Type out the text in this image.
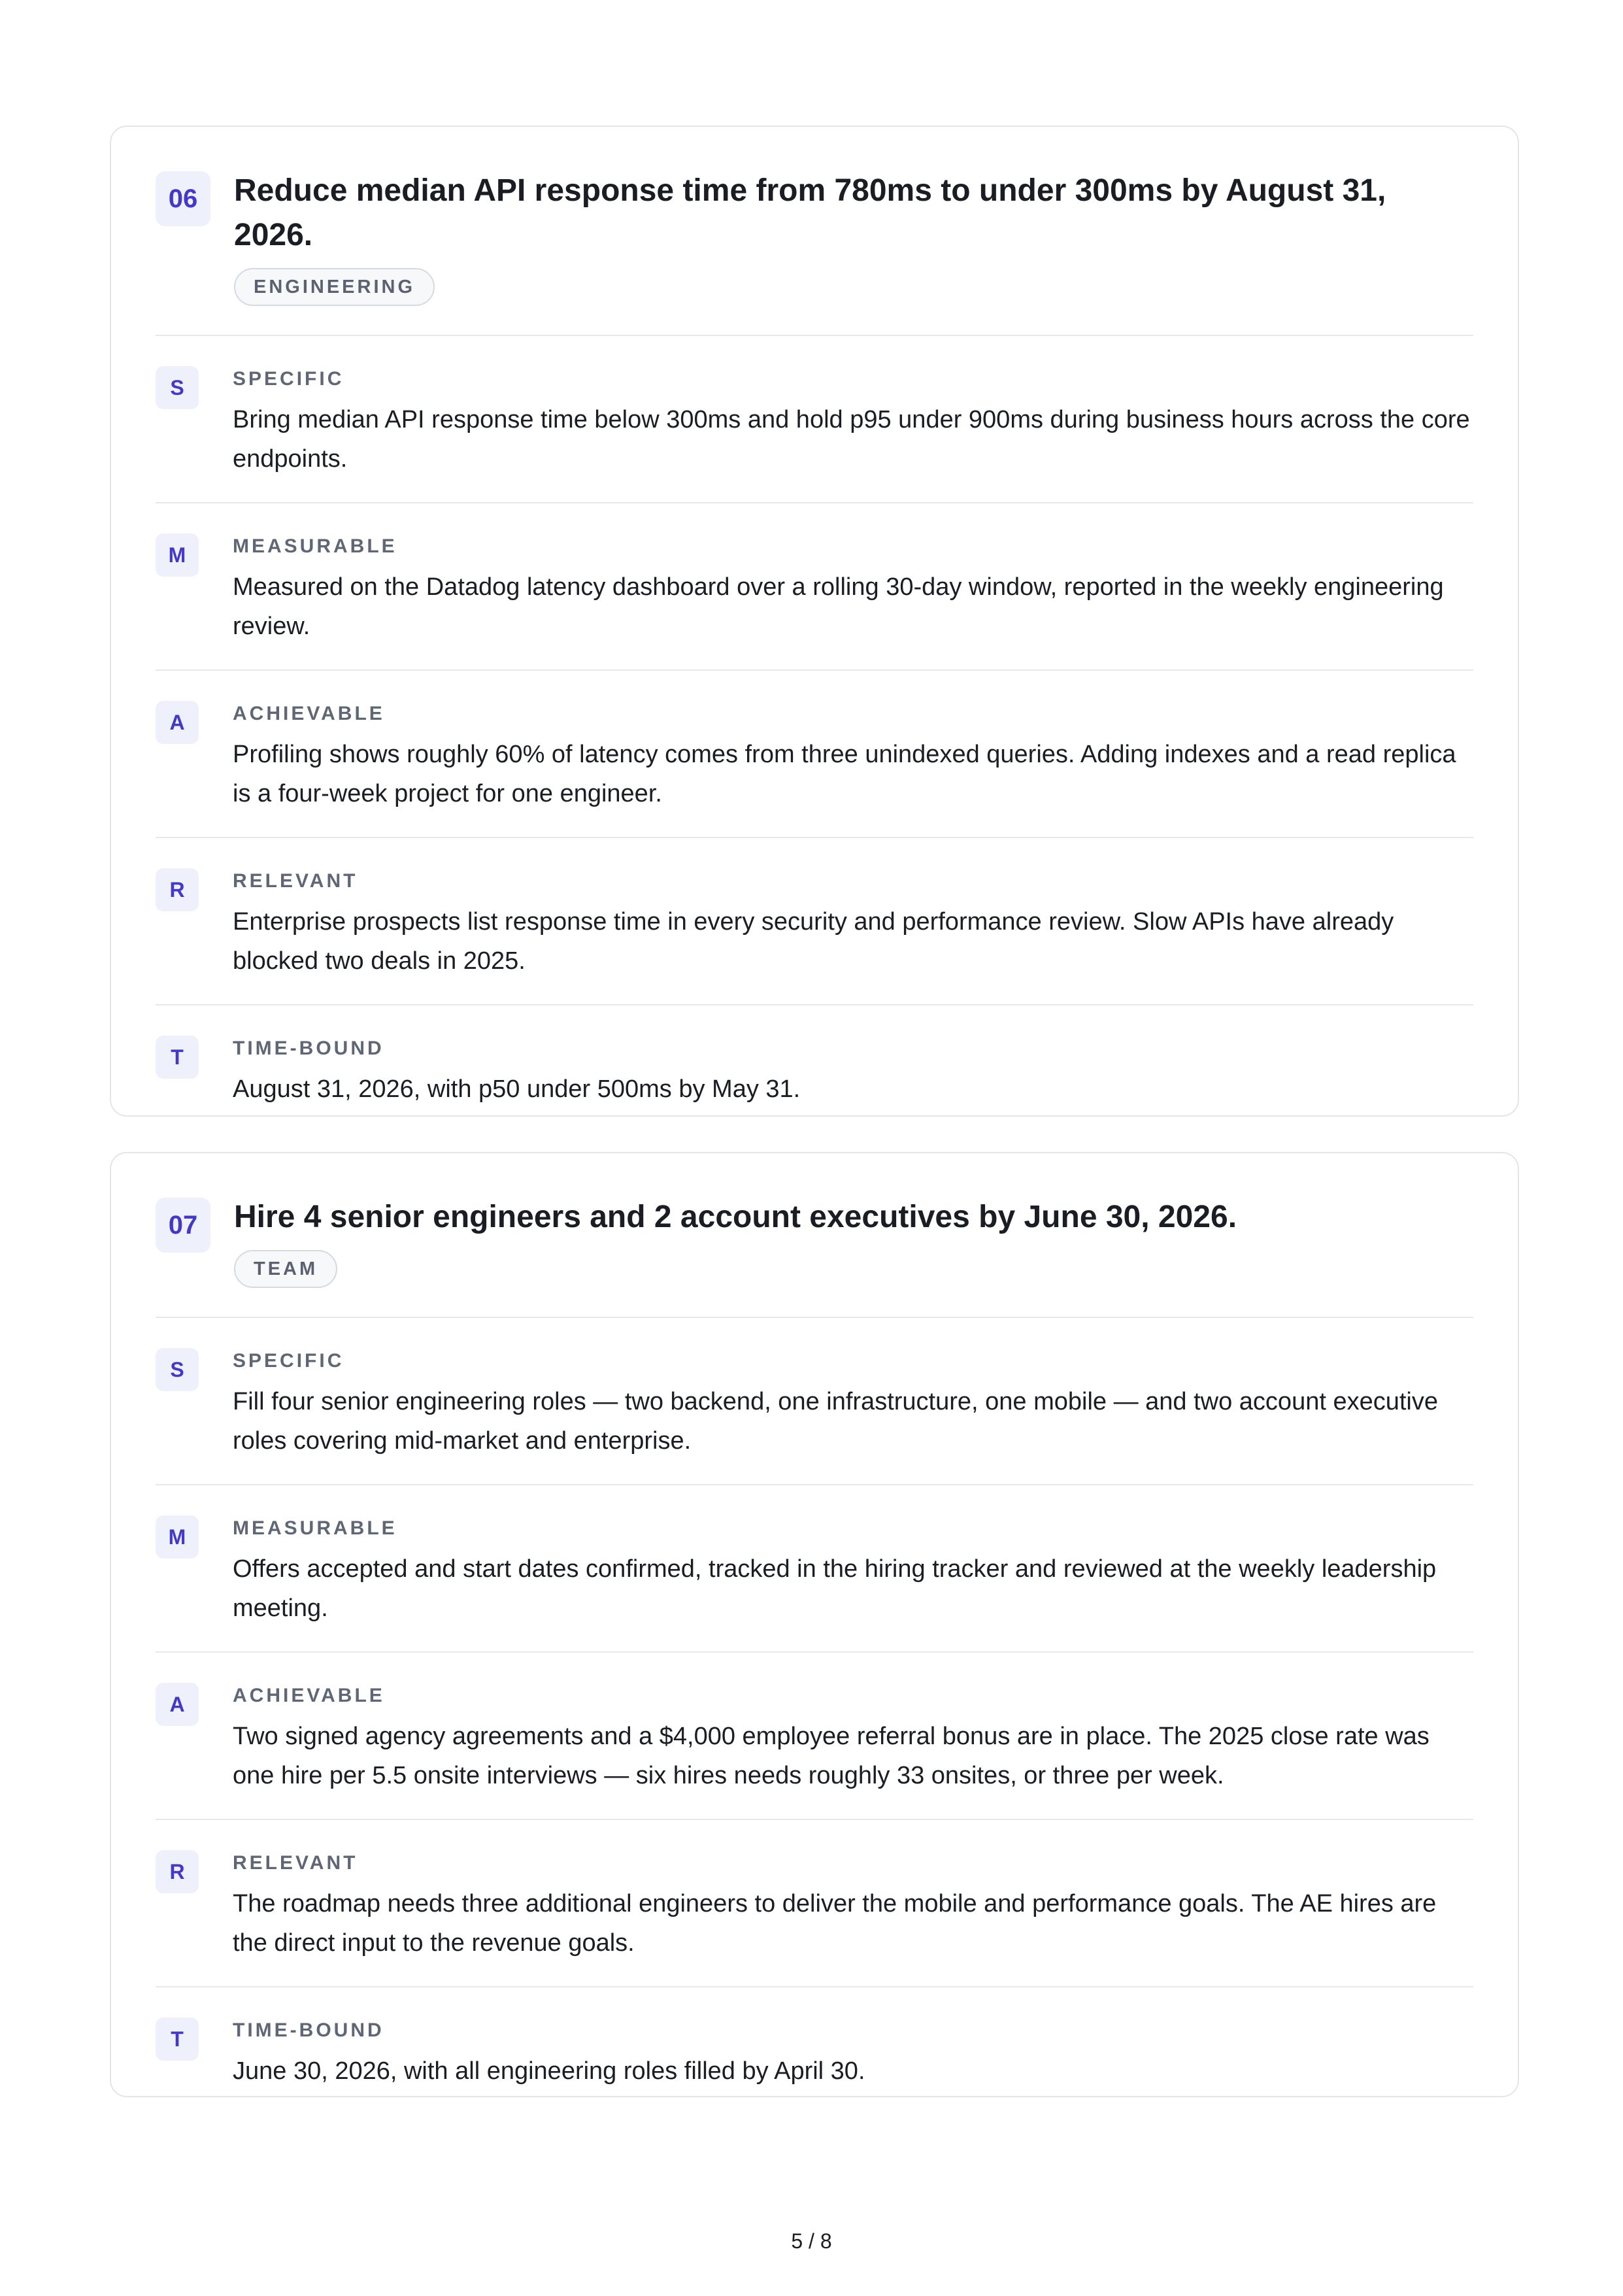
06	Reduce median API response time from 780ms to under 300ms by August 31, 2026.
ENGINEERING
S	SPECIFIC
Bring median API response time below 300ms and hold p95 under 900ms during business hours across the core endpoints.
M	MEASURABLE
Measured on the Datadog latency dashboard over a rolling 30-day window, reported in the weekly engineering review.
A	ACHIEVABLE
Profiling shows roughly 60% of latency comes from three unindexed queries. Adding indexes and a read replica is a four-week project for one engineer.
R	RELEVANT
Enterprise prospects list response time in every security and performance review. Slow APIs have already blocked two deals in 2025.
T	TIME-BOUND
August 31, 2026, with p50 under 500ms by May 31.
07	Hire 4 senior engineers and 2 account executives by June 30, 2026.
TEAM
S	SPECIFIC
Fill four senior engineering roles — two backend, one infrastructure, one mobile — and two account executive roles covering mid-market and enterprise.
M	MEASURABLE
Offers accepted and start dates confirmed, tracked in the hiring tracker and reviewed at the weekly leadership meeting.
A	ACHIEVABLE
Two signed agency agreements and a $4,000 employee referral bonus are in place. The 2025 close rate was one hire per 5.5 onsite interviews — six hires needs roughly 33 onsites, or three per week.
R	RELEVANT
The roadmap needs three additional engineers to deliver the mobile and performance goals. The AE hires are the direct input to the revenue goals.
T	TIME-BOUND
June 30, 2026, with all engineering roles filled by April 30.
5 / 8
